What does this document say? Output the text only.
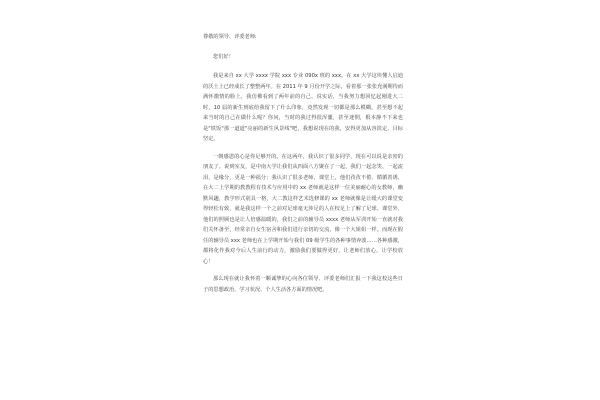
尊敬的领导、评委老师:

您们好！

我是来自 xx 大学 xxxx 学院 xxx 专业 090x 班的 xxx。在 xx 大学这块懂人启迪的沃土上已经成长了整整两年。在 2011 年 9 月份开学之际，看着那一张张充满期待而满怀激情的脸上，我仿佛看到了两年前的自己。说实话，当我努力想回忆起刚进大二时，10 届的新生到底给我留下了什么印象，竟然发现一切都是那么模糊，甚至想不起来当时的自己在做什么呢？你问，当时的我过得很浑噩，甚至迷惘，根本静不下来也是"铁饭"那一道道"亮丽的新生风景线"吧，我想说现在的我，安得更加从容淡定、目标坚定。

一朝感恩的心是你足够开的。在这两年，我认识了很多同学，现在可以说是亲密的朋友了。说到室友，是中南大学让我们从四面八方聚在了一起，我们一起念笑、一起流泪，是缘分，更是一种福分；我认识了很多老师，课堂上，他们孜孜不倦、循循善诱，在大二上学期的教教程有技术与应用中的 xx 老师就是这样一位美丽耐心的女教师，幽默风趣，教学形式别具一格，大二教这样艺术选修课的 xx 老师就像是让缓大的课堂变得轻松有致，就是我这样一个之前对足球毫无涉足的人在校足上了解了足球。课堂外，他们的照顾也是让人倍感温暖的，我们之前的辅导员 xxxx 老师从军训开始一直就对我们关怀备至，经常亲自女生宿舍和我们进行亲切的交流，像一个大姐姐一样。而现在假任的辅导员 xxx 老师也在上学期开始与我们 09 级学生的各种事情奔波……各种感激，都将化作我对今后人生前行的动力，激励我们要做得更好，让老师们放心，让学校放心！

那么现在就让我怀着一颗诚挚的心向各位领导、评委老师们汇报一下我这校这些日子的思想政治、学习状况、个人生活各方面的情况吧。
